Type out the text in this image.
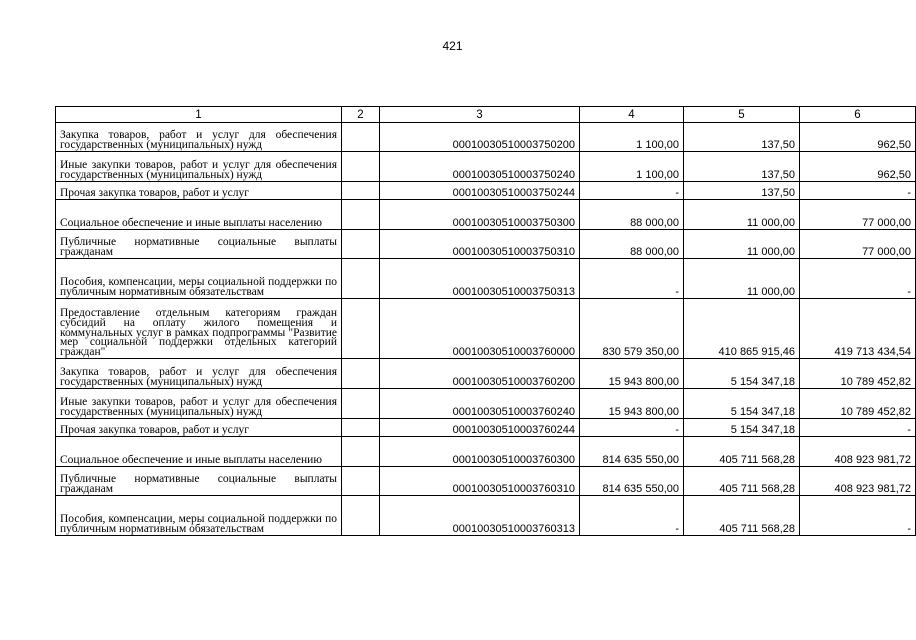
421
1	2	3	4	5	6
Закупка товаров, работ и услуг для обеспечения государственных (муниципальных) нужд		00010030510003750200	1 100,00	137,50	962,50
Иные закупки товаров, работ и услуг для обеспечения государственных (муниципальных) нужд		00010030510003750240	1 100,00	137,50	962,50
Прочая закупка товаров, работ и услуг		00010030510003750244	-	137,50	-
Социальное обеспечение и иные выплаты населению		00010030510003750300	88 000,00	11 000,00	77 000,00
Публичные нормативные социальные выплаты гражданам		00010030510003750310	88 000,00	11 000,00	77 000,00
Пособия, компенсации, меры социальной поддержки по публичным нормативным обязательствам		00010030510003750313	-	11 000,00	-
Предоставление отдельным категориям граждан субсидий на оплату жилого помещения и коммунальных услуг в рамках подпрограммы "Развитие мер социальной поддержки отдельных категорий граждан"		00010030510003760000	830 579 350,00	410 865 915,46	419 713 434,54
Закупка товаров, работ и услуг для обеспечения государственных (муниципальных) нужд		00010030510003760200	15 943 800,00	5 154 347,18	10 789 452,82
Иные закупки товаров, работ и услуг для обеспечения государственных (муниципальных) нужд		00010030510003760240	15 943 800,00	5 154 347,18	10 789 452,82
Прочая закупка товаров, работ и услуг		00010030510003760244	-	5 154 347,18	-
Социальное обеспечение и иные выплаты населению		00010030510003760300	814 635 550,00	405 711 568,28	408 923 981,72
Публичные нормативные социальные выплаты гражданам		00010030510003760310	814 635 550,00	405 711 568,28	408 923 981,72
Пособия, компенсации, меры социальной поддержки по публичным нормативным обязательствам		00010030510003760313	-	405 711 568,28	-
